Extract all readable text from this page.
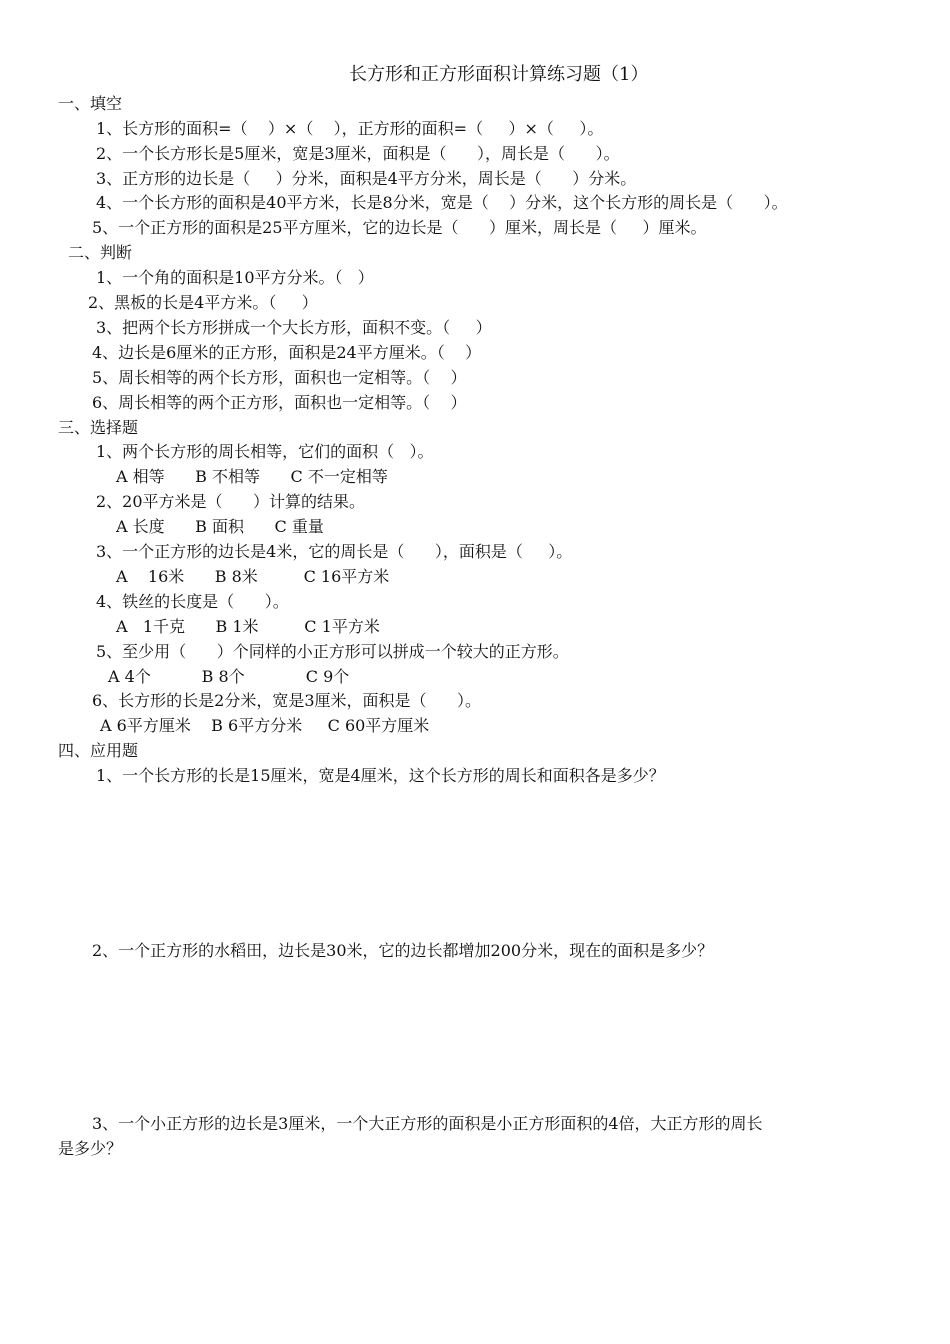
长方形和正方形面积计算练习题（1）
一、填空
1、长方形的面积=（    ）×（    ），正方形的面积=（     ）×（     ）。
2、一个长方形长是5厘米，宽是3厘米，面积是（      ），周长是（      ）。
3、正方形的边长是（     ）分米，面积是4平方分米，周长是（      ）分米。
4、一个长方形的面积是40平方米，长是8分米，宽是（    ）分米，这个长方形的周长是（      ）。
5、一个正方形的面积是25平方厘米，它的边长是（      ）厘米，周长是（     ）厘米。
二、判断
1、一个角的面积是10平方分米。（   ）
2、黑板的长是4平方米。（     ）
3、把两个长方形拼成一个大长方形，面积不变。（     ）
4、边长是6厘米的正方形，面积是24平方厘米。（    ）
5、周长相等的两个长方形，面积也一定相等。（    ）
6、周长相等的两个正方形，面积也一定相等。（    ）
三、选择题
1、两个长方形的周长相等，它们的面积（   ）。
A 相等      B 不相等      C 不一定相等
2、20平方米是（      ）计算的结果。
A 长度      B 面积      C 重量
3、一个正方形的边长是4米，它的周长是（      ），面积是（     ）。
A    16米      B 8米         C 16平方米
4、铁丝的长度是（      ）。
A   1千克      B 1米         C 1平方米
5、至少用（      ）个同样的小正方形可以拼成一个较大的正方形。
A 4个          B 8个            C 9个
6、长方形的长是2分米，宽是3厘米，面积是（      ）。
A 6平方厘米    B 6平方分米     C 60平方厘米
四、应用题
1、一个长方形的长是15厘米，宽是4厘米，这个长方形的周长和面积各是多少？
2、一个正方形的水稻田，边长是30米，它的边长都增加200分米，现在的面积是多少？
3、一个小正方形的边长是3厘米，一个大正方形的面积是小正方形面积的4倍，大正方形的周长
是多少？
